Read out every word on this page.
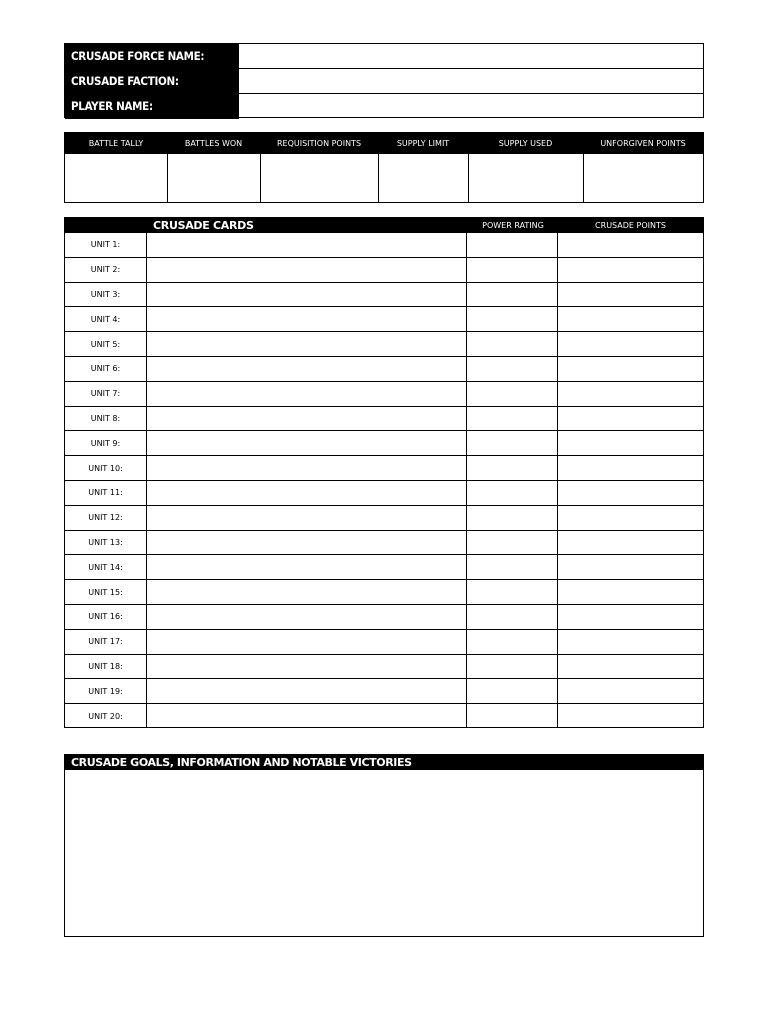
CRUSADE FORCE NAME:
CRUSADE FACTION:
PLAYER NAME:
BATTLE TALLY	BATTLES WON	REQUISITION POINTS	SUPPLY LIMIT	SUPPLY USED	UNFORGIVEN POINTS
CRUSADE CARDS	POWER RATING	CRUSADE POINTS
UNIT 1:
UNIT 2:
UNIT 3:
UNIT 4:
UNIT 5:
UNIT 6:
UNIT 7:
UNIT 8:
UNIT 9:
UNIT 10:
UNIT 11:
UNIT 12:
UNIT 13:
UNIT 14:
UNIT 15:
UNIT 16:
UNIT 17:
UNIT 18:
UNIT 19:
UNIT 20:
CRUSADE GOALS, INFORMATION AND NOTABLE VICTORIES
